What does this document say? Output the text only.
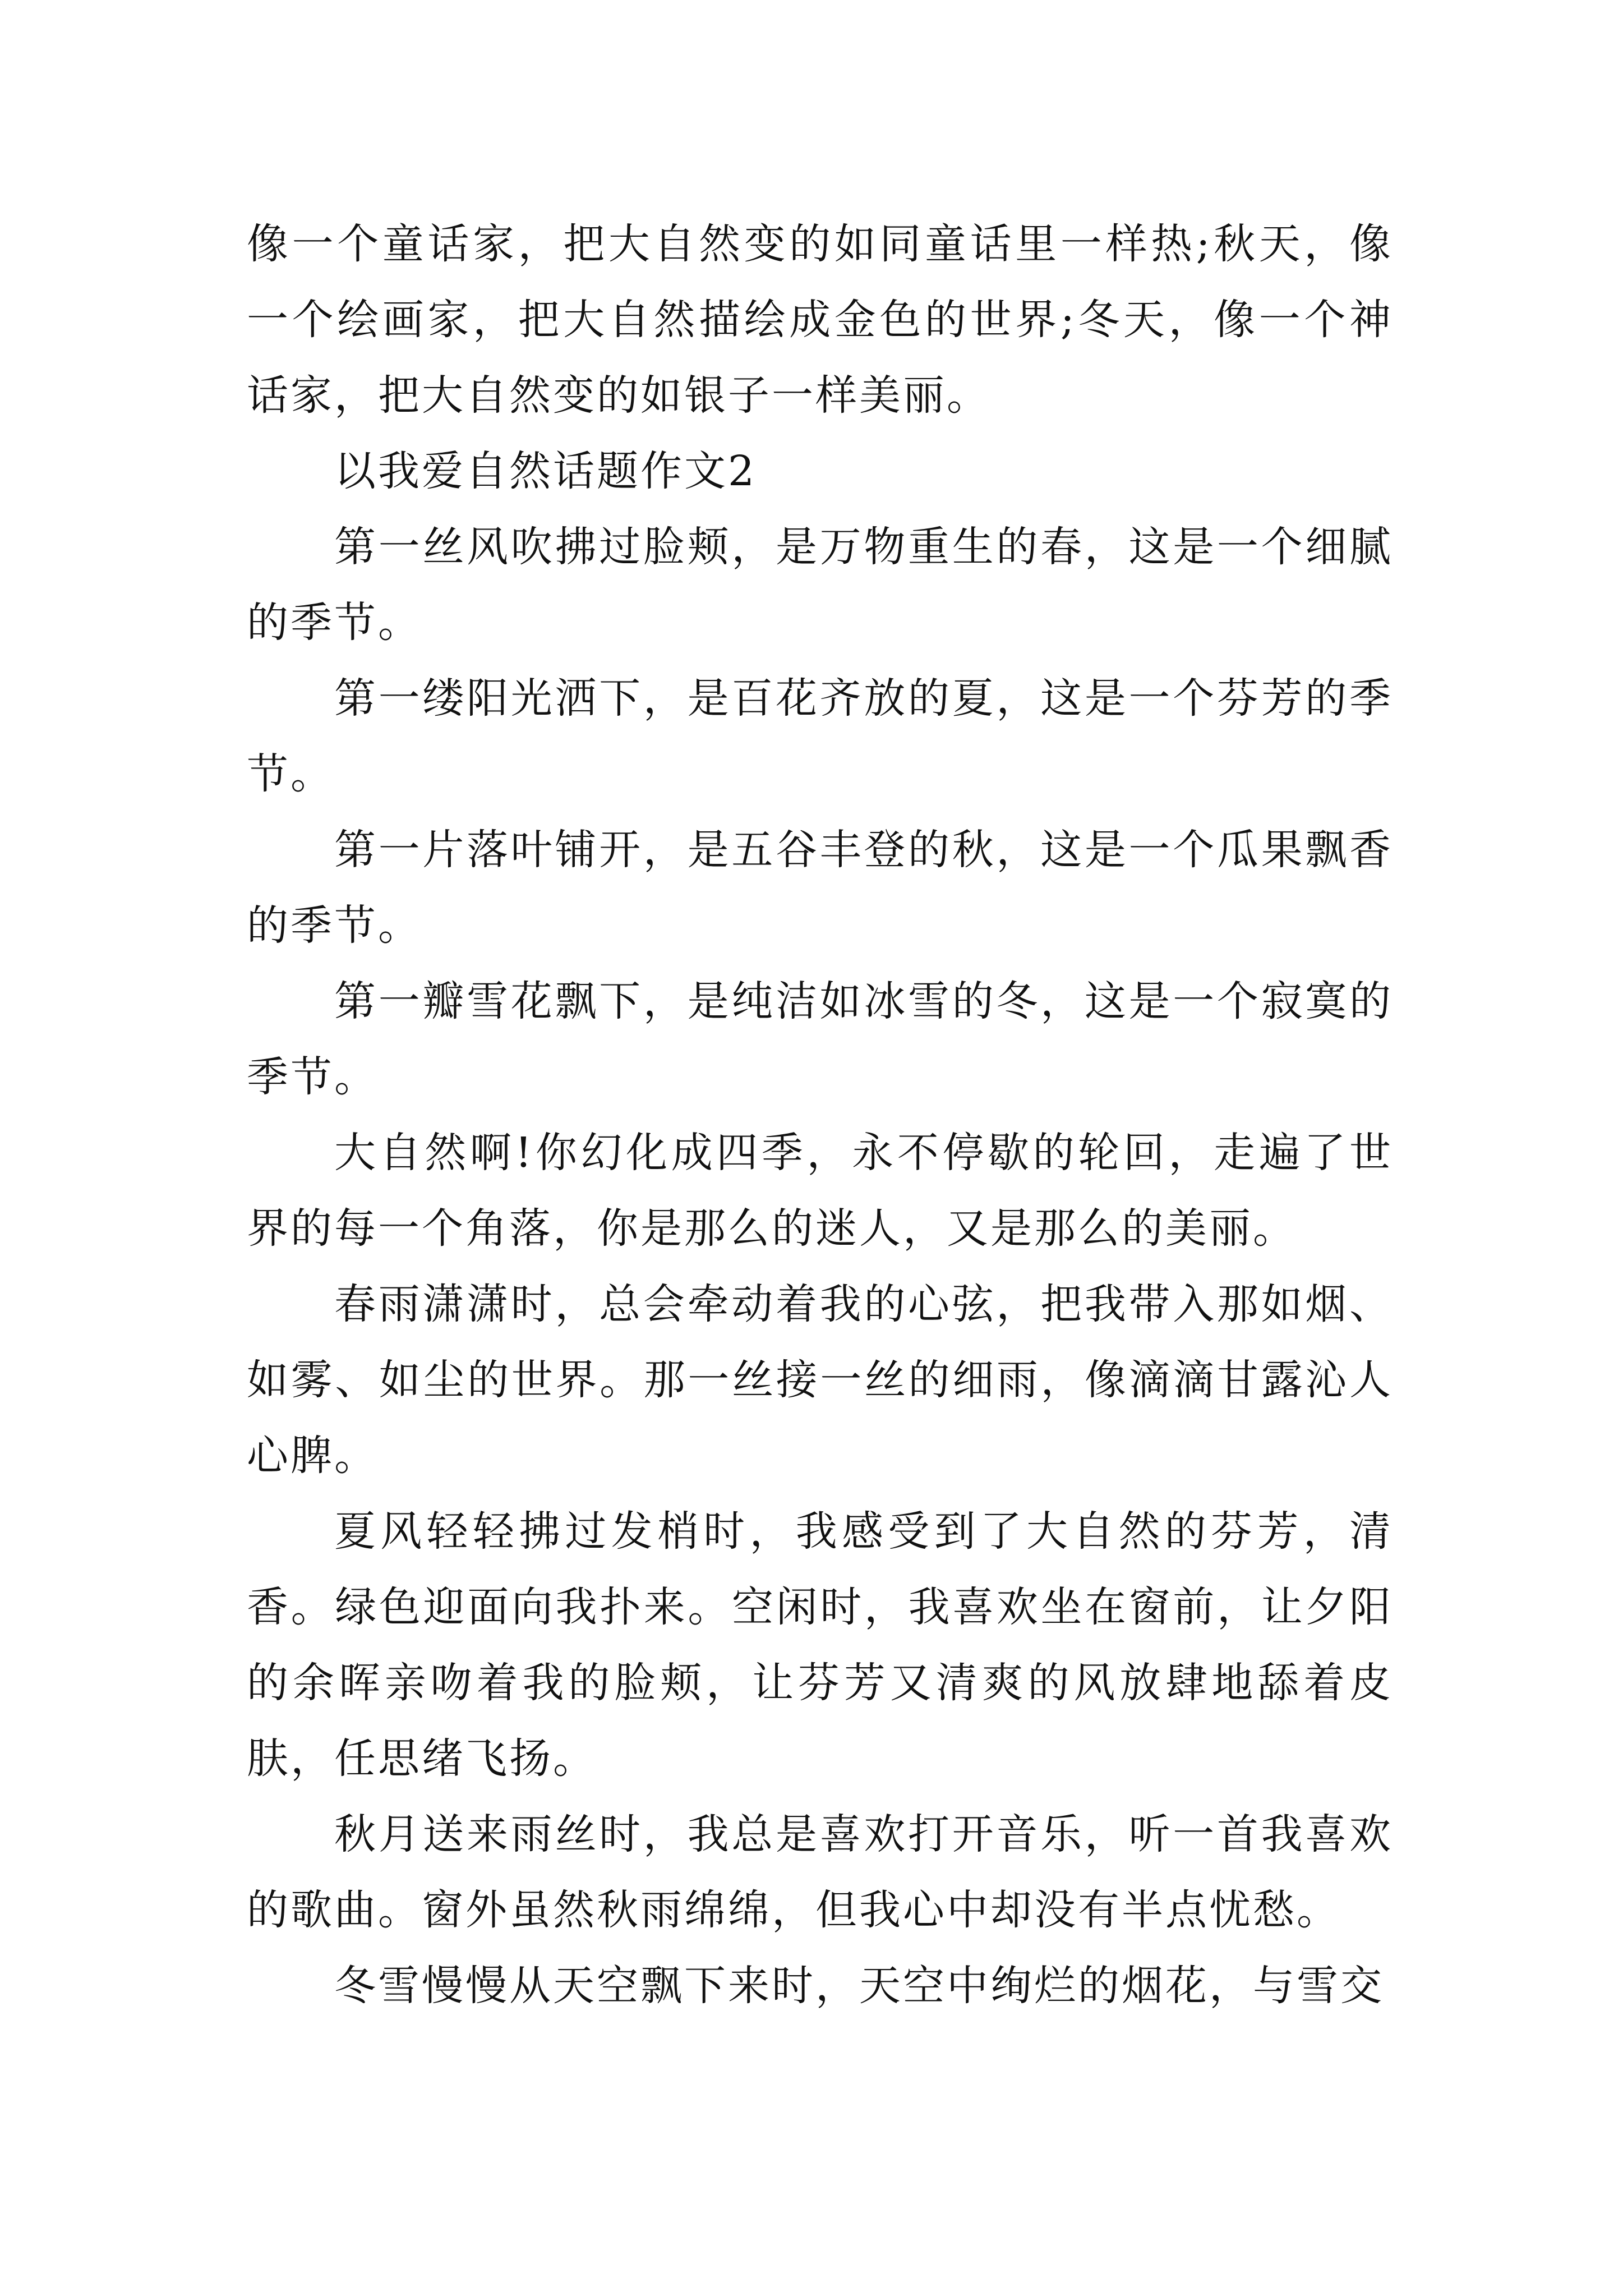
像一个童话家，把大自然变的如同童话里一样热;秋天，像一个绘画家，把大自然描绘成金色的世界;冬天，像一个神话家，把大自然变的如银子一样美丽。

以我爱自然话题作文2

第一丝风吹拂过脸颊，是万物重生的春，这是一个细腻的季节。

第一缕阳光洒下，是百花齐放的夏，这是一个芬芳的季节。

第一片落叶铺开，是五谷丰登的秋，这是一个瓜果飘香的季节。

第一瓣雪花飘下，是纯洁如冰雪的冬，这是一个寂寞的季节。

大自然啊!你幻化成四季，永不停歇的轮回，走遍了世界的每一个角落，你是那么的迷人，又是那么的美丽。

春雨潇潇时，总会牵动着我的心弦，把我带入那如烟、如雾、如尘的世界。那一丝接一丝的细雨，像滴滴甘露沁人心脾。

夏风轻轻拂过发梢时，我感受到了大自然的芬芳，清香。绿色迎面向我扑来。空闲时，我喜欢坐在窗前，让夕阳的余晖亲吻着我的脸颊，让芬芳又清爽的风放肆地舔着皮肤，任思绪飞扬。

秋月送来雨丝时，我总是喜欢打开音乐，听一首我喜欢的歌曲。窗外虽然秋雨绵绵，但我心中却没有半点忧愁。

冬雪慢慢从天空飘下来时，天空中绚烂的烟花，与雪交
